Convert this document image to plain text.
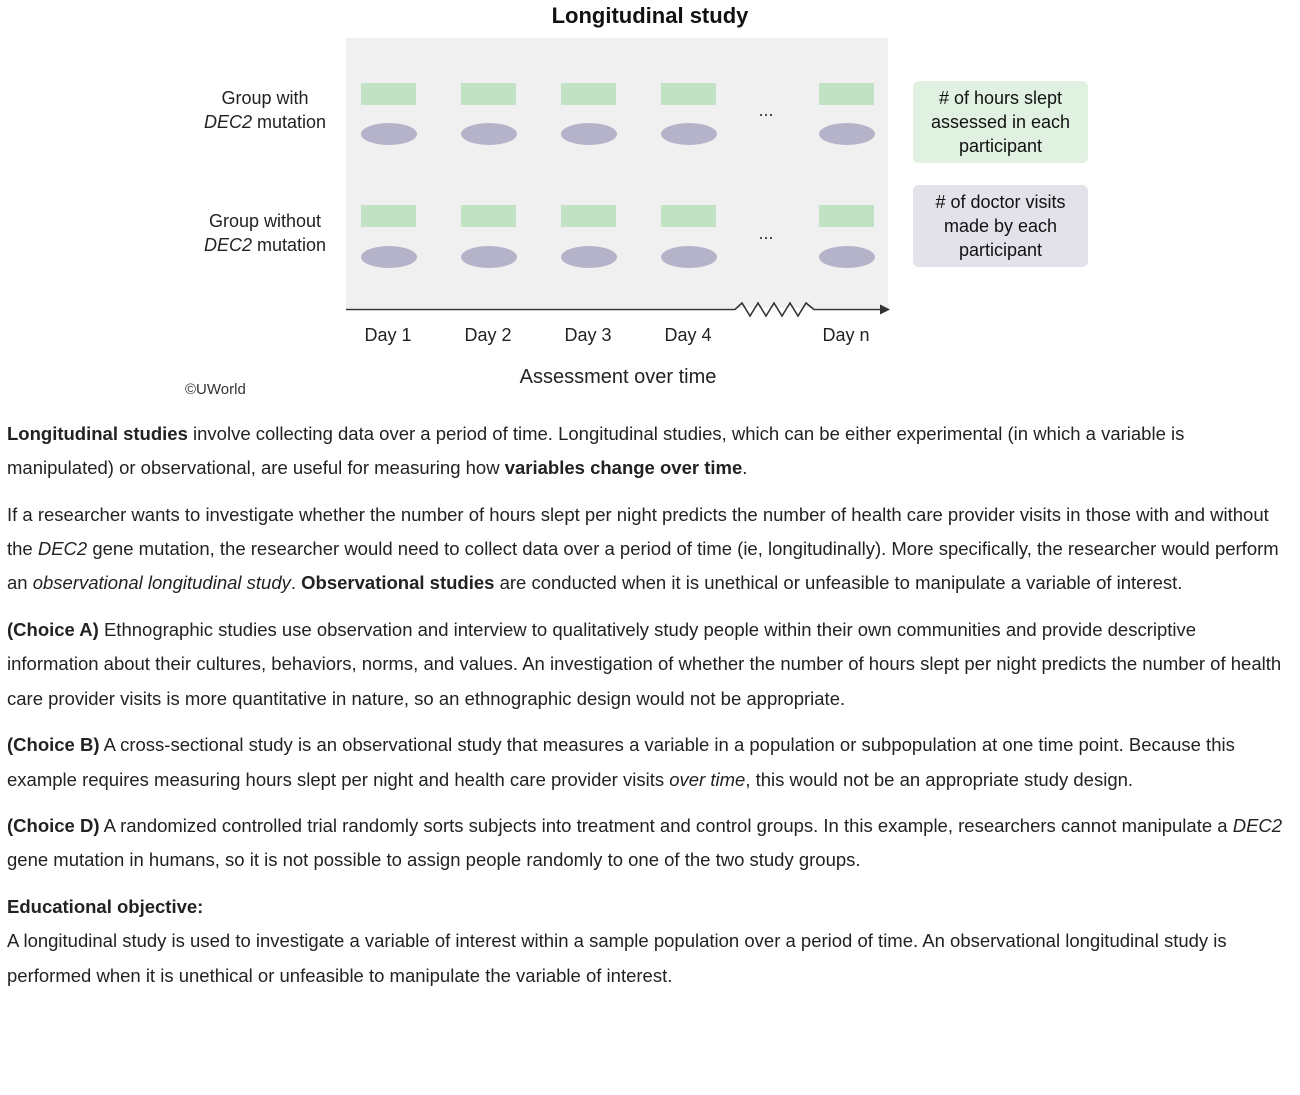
Longitudinal study
Group with
DEC2 mutation
Group without
DEC2 mutation
...
...
# of hours slept assessed in each participant
# of doctor visits made by each participant
Day 1	Day 2	Day 3	Day 4	Day n
Assessment over time
©UWorld

Longitudinal studies involve collecting data over a period of time. Longitudinal studies, which can be either experimental (in which a variable is manipulated) or observational, are useful for measuring how variables change over time.

If a researcher wants to investigate whether the number of hours slept per night predicts the number of health care provider visits in those with and without the DEC2 gene mutation, the researcher would need to collect data over a period of time (ie, longitudinally). More specifically, the researcher would perform an observational longitudinal study. Observational studies are conducted when it is unethical or unfeasible to manipulate a variable of interest.

(Choice A) Ethnographic studies use observation and interview to qualitatively study people within their own communities and provide descriptive information about their cultures, behaviors, norms, and values. An investigation of whether the number of hours slept per night predicts the number of health care provider visits is more quantitative in nature, so an ethnographic design would not be appropriate.

(Choice B) A cross-sectional study is an observational study that measures a variable in a population or subpopulation at one time point. Because this example requires measuring hours slept per night and health care provider visits over time, this would not be an appropriate study design.

(Choice D) A randomized controlled trial randomly sorts subjects into treatment and control groups. In this example, researchers cannot manipulate a DEC2 gene mutation in humans, so it is not possible to assign people randomly to one of the two study groups.

Educational objective:
A longitudinal study is used to investigate a variable of interest within a sample population over a period of time. An observational longitudinal study is performed when it is unethical or unfeasible to manipulate the variable of interest.
